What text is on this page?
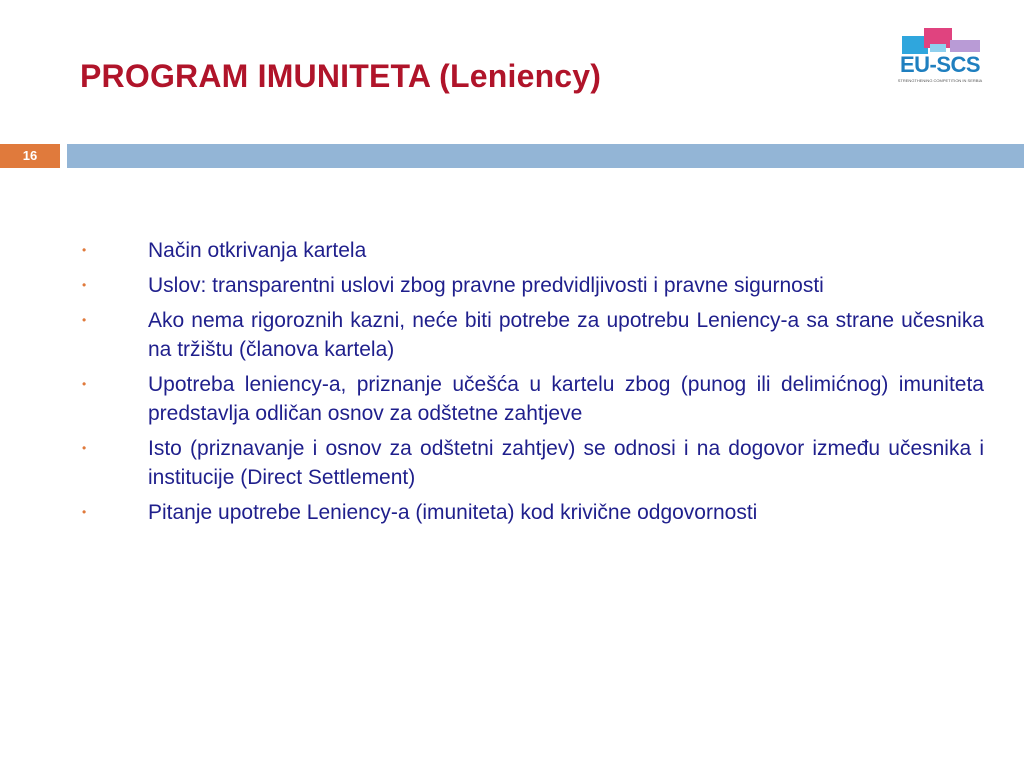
PROGRAM IMUNITETA (Leniency)	EU-SCS
STRENGTHENING COMPETITION IN SERBIA
16
•	Način otkrivanja kartela
•	Uslov: transparentni uslovi zbog pravne predvidljivosti i pravne sigurnosti
•	Ako nema rigoroznih kazni, neće biti potrebe za upotrebu Leniency-a sa strane učesnika na tržištu (članova kartela)
•	Upotreba leniency-a, priznanje učešća u kartelu zbog (punog ili delimićnog) imuniteta predstavlja odličan osnov za odštetne zahtjeve
•	Isto (priznavanje i osnov za odštetni zahtjev) se odnosi i na dogovor između učesnika i institucije (Direct Settlement)
•	Pitanje upotrebe Leniency-a (imuniteta) kod krivične odgovornosti
